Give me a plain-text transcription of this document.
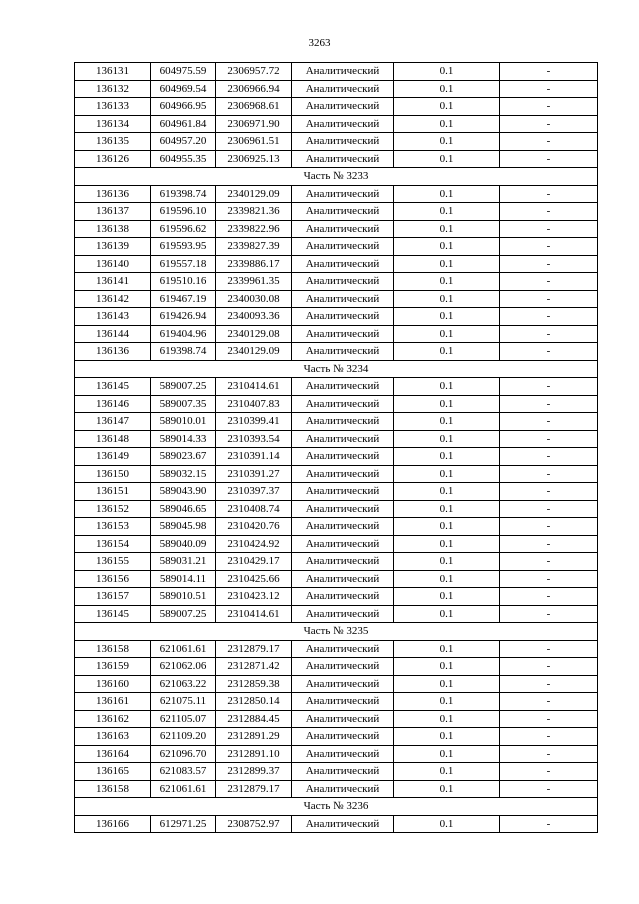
3263
136131	604975.59	2306957.72	Аналитический	0.1	-
136132	604969.54	2306966.94	Аналитический	0.1	-
136133	604966.95	2306968.61	Аналитический	0.1	-
136134	604961.84	2306971.90	Аналитический	0.1	-
136135	604957.20	2306961.51	Аналитический	0.1	-
136126	604955.35	2306925.13	Аналитический	0.1	-
Часть № 3233					
136136	619398.74	2340129.09	Аналитический	0.1	-
136137	619596.10	2339821.36	Аналитический	0.1	-
136138	619596.62	2339822.96	Аналитический	0.1	-
136139	619593.95	2339827.39	Аналитический	0.1	-
136140	619557.18	2339886.17	Аналитический	0.1	-
136141	619510.16	2339961.35	Аналитический	0.1	-
136142	619467.19	2340030.08	Аналитический	0.1	-
136143	619426.94	2340093.36	Аналитический	0.1	-
136144	619404.96	2340129.08	Аналитический	0.1	-
136136	619398.74	2340129.09	Аналитический	0.1	-
Часть № 3234					
136145	589007.25	2310414.61	Аналитический	0.1	-
136146	589007.35	2310407.83	Аналитический	0.1	-
136147	589010.01	2310399.41	Аналитический	0.1	-
136148	589014.33	2310393.54	Аналитический	0.1	-
136149	589023.67	2310391.14	Аналитический	0.1	-
136150	589032.15	2310391.27	Аналитический	0.1	-
136151	589043.90	2310397.37	Аналитический	0.1	-
136152	589046.65	2310408.74	Аналитический	0.1	-
136153	589045.98	2310420.76	Аналитический	0.1	-
136154	589040.09	2310424.92	Аналитический	0.1	-
136155	589031.21	2310429.17	Аналитический	0.1	-
136156	589014.11	2310425.66	Аналитический	0.1	-
136157	589010.51	2310423.12	Аналитический	0.1	-
136145	589007.25	2310414.61	Аналитический	0.1	-
Часть № 3235					
136158	621061.61	2312879.17	Аналитический	0.1	-
136159	621062.06	2312871.42	Аналитический	0.1	-
136160	621063.22	2312859.38	Аналитический	0.1	-
136161	621075.11	2312850.14	Аналитический	0.1	-
136162	621105.07	2312884.45	Аналитический	0.1	-
136163	621109.20	2312891.29	Аналитический	0.1	-
136164	621096.70	2312891.10	Аналитический	0.1	-
136165	621083.57	2312899.37	Аналитический	0.1	-
136158	621061.61	2312879.17	Аналитический	0.1	-
Часть № 3236					
136166	612971.25	2308752.97	Аналитический	0.1	-
